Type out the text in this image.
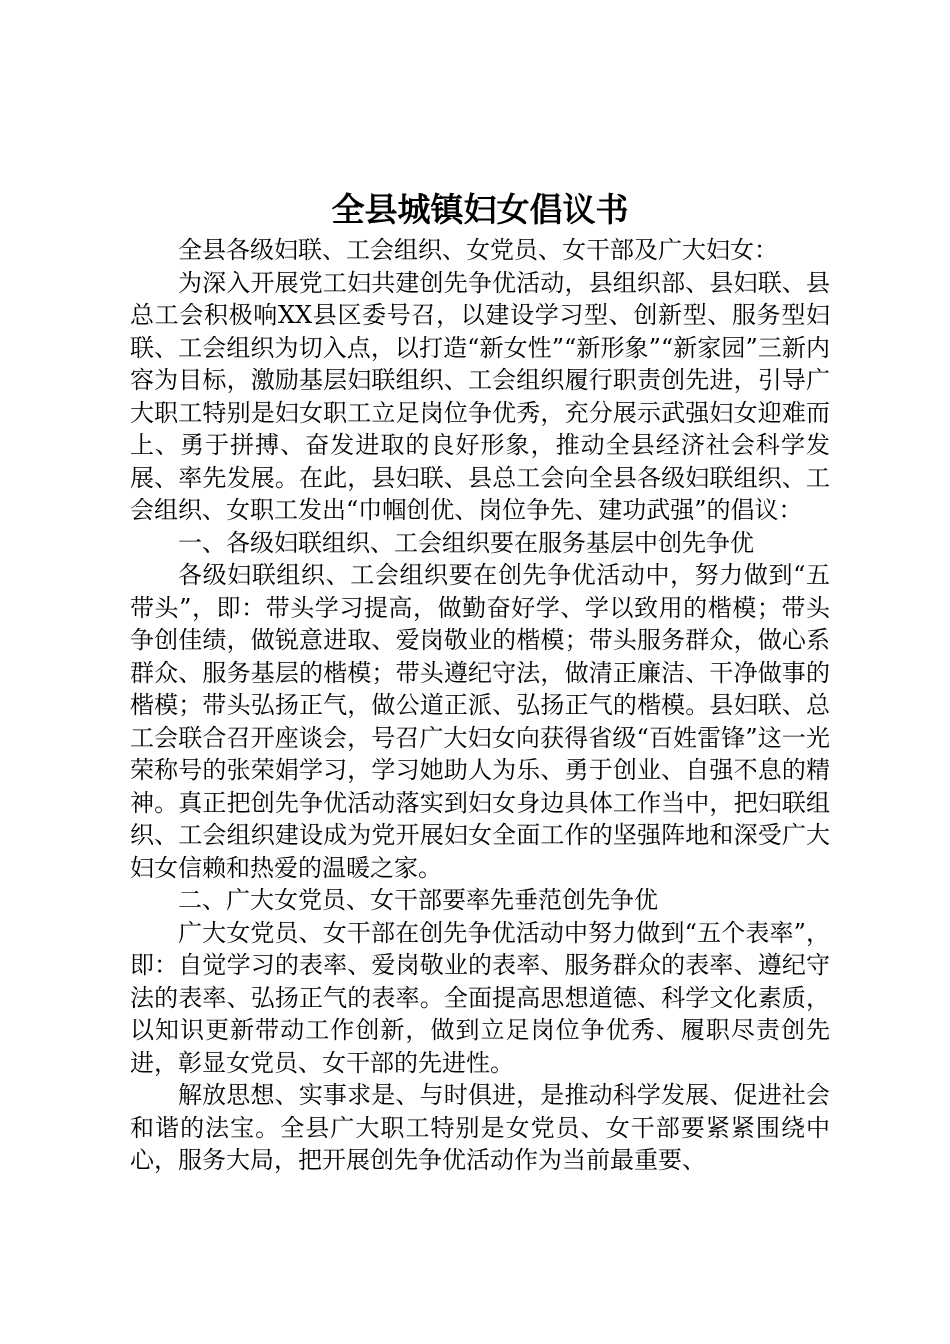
全县城镇妇女倡议书

全县各级妇联、工会组织、女党员、女干部及广大妇女：

为深入开展党工妇共建创先争优活动，县组织部、县妇联、县总工会积极响XX县区委号召，以建设学习型、创新型、服务型妇联、工会组织为切入点，以打造“新女性”“新形象”“新家园”三新内容为目标，激励基层妇联组织、工会组织履行职责创先进，引导广大职工特别是妇女职工立足岗位争优秀，充分展示武强妇女迎难而上、勇于拼搏、奋发进取的良好形象，推动全县经济社会科学发展、率先发展。在此，县妇联、县总工会向全县各级妇联组织、工会组织、女职工发出“巾帼创优、岗位争先、建功武强”的倡议：

一、各级妇联组织、工会组织要在服务基层中创先争优

各级妇联组织、工会组织要在创先争优活动中，努力做到“五带头”，即：带头学习提高，做勤奋好学、学以致用的楷模；带头争创佳绩，做锐意进取、爱岗敬业的楷模；带头服务群众，做心系群众、服务基层的楷模；带头遵纪守法，做清正廉洁、干净做事的楷模；带头弘扬正气，做公道正派、弘扬正气的楷模。县妇联、总工会联合召开座谈会，号召广大妇女向获得省级“百姓雷锋”这一光荣称号的张荣娟学习，学习她助人为乐、勇于创业、自强不息的精神。真正把创先争优活动落实到妇女身边具体工作当中，把妇联组织、工会组织建设成为党开展妇女全面工作的坚强阵地和深受广大妇女信赖和热爱的温暖之家。

二、广大女党员、女干部要率先垂范创先争优

广大女党员、女干部在创先争优活动中努力做到“五个表率”，即：自觉学习的表率、爱岗敬业的表率、服务群众的表率、遵纪守法的表率、弘扬正气的表率。全面提高思想道德、科学文化素质，以知识更新带动工作创新，做到立足岗位争优秀、履职尽责创先进，彰显女党员、女干部的先进性。

解放思想、实事求是、与时俱进，是推动科学发展、促进社会和谐的法宝。全县广大职工特别是女党员、女干部要紧紧围绕中心，服务大局，把开展创先争优活动作为当前最重要、
